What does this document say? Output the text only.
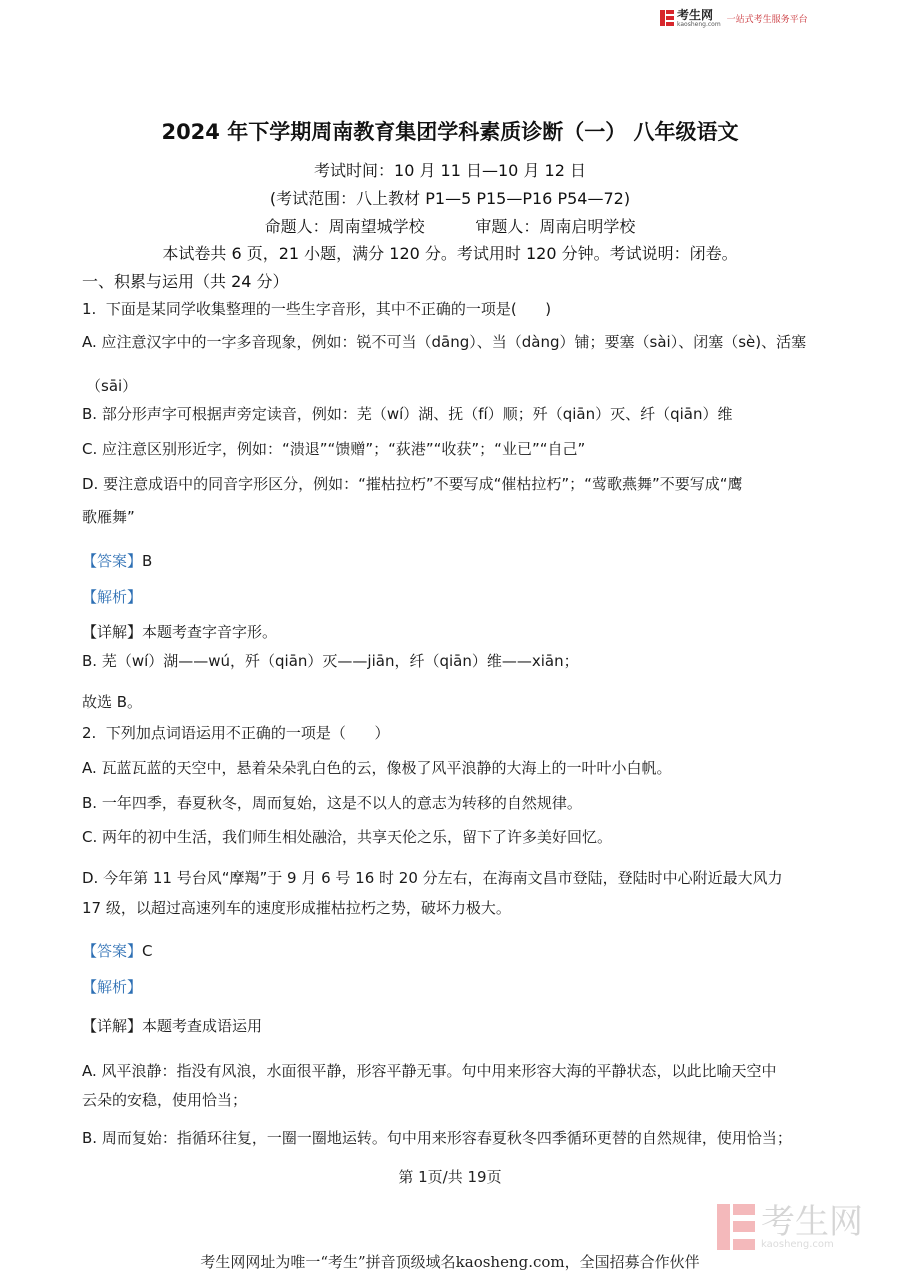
考生网
kaosheng.com 一站式考生服务平台
2024 年下学期周南教育集团学科素质诊断（一） 八年级语文
考试时间：10 月 11 日—10 月 12 日
(考试范围：八上教材 P1—5 P15—P16 P54—72)
命题人：周南望城学校          审题人：周南启明学校
本试卷共 6 页，21 小题，满分 120 分。考试用时 120 分钟。考试说明：闭卷。
一、积累与运用（共 24 分）
1.  下面是某同学收集整理的一些生字音形，其中不正确的一项是(      )
A. 应注意汉字中的一字多音现象，例如：锐不可当（dāng）、当（dàng）铺；要塞（sài）、闭塞（sè)、活塞
（sāi）
B. 部分形声字可根据声旁定读音，例如：芜（wí）湖、抚（fí）顺；歼（qiān）灭、纤（qiān）维
C. 应注意区别形近字，例如：“溃退”“馈赠”；“荻港”“收获”；“业已”“自己”
D. 要注意成语中的同音字形区分，例如：“摧枯拉朽”不要写成“催枯拉朽”；“莺歌燕舞”不要写成“鹰
歌雁舞”
【答案】B
【解析】
【详解】本题考查字音字形。
B. 芜（wí）湖——wú，歼（qiān）灭——jiān，纤（qiān）维——xiān；
故选 B。
2.  下列加点词语运用不正确的一项是（      ）
A. 瓦蓝瓦蓝的天空中，悬着朵朵乳白色的云，像极了风平浪静的大海上的一叶叶小白帆。
B. 一年四季，春夏秋冬，周而复始，这是不以人的意志为转移的自然规律。
C. 两年的初中生活，我们师生相处融洽，共享天伦之乐，留下了许多美好回忆。
D. 今年第 11 号台风“摩羯”于 9 月 6 号 16 时 20 分左右，在海南文昌市登陆，登陆时中心附近最大风力
17 级，以超过高速列车的速度形成摧枯拉朽之势，破坏力极大。
【答案】C
【解析】
【详解】本题考查成语运用
A. 风平浪静：指没有风浪，水面很平静，形容平静无事。句中用来形容大海的平静状态，以此比喻天空中
云朵的安稳，使用恰当；
B. 周而复始：指循环往复，一圈一圈地运转。句中用来形容春夏秋冬四季循环更替的自然规律，使用恰当；
第 1页/共 19页
考生网
kaosheng.com
考生网网址为唯一“考生”拼音顶级域名kaosheng.com，全国招募合作伙伴
